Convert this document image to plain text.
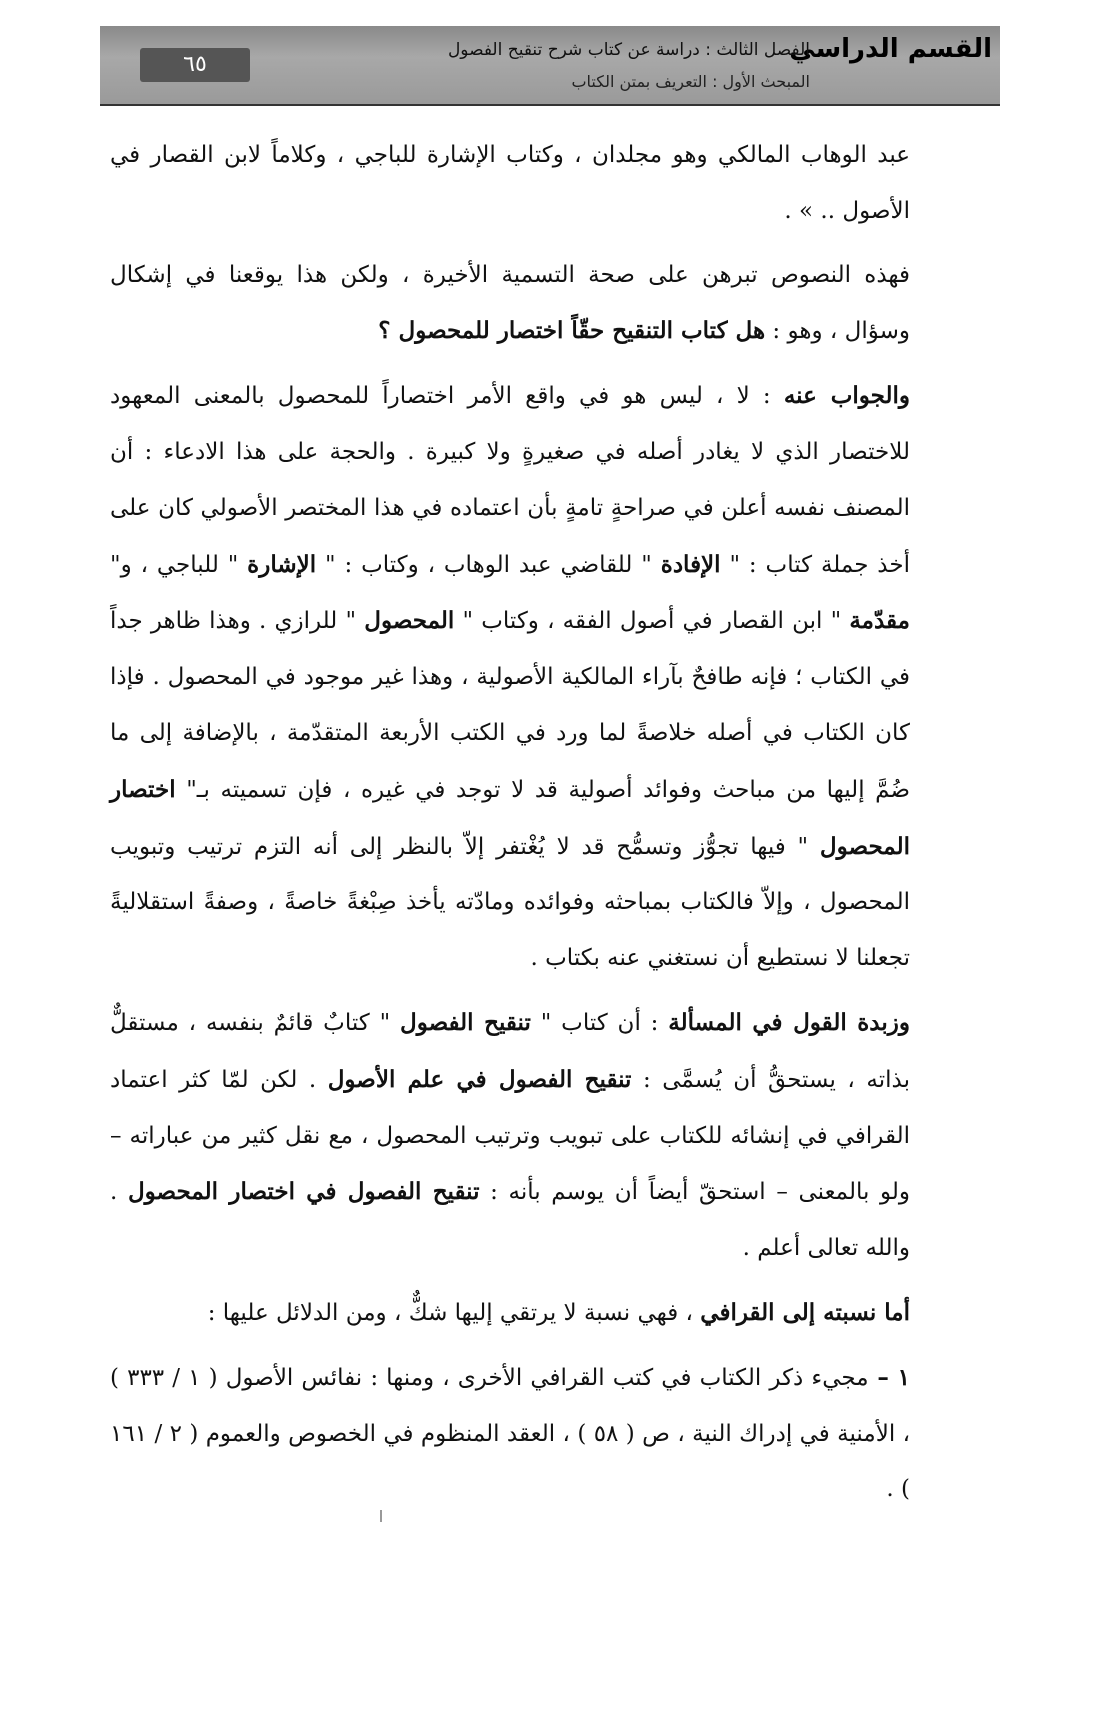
٦٥
القسم الدراسي
الفصل الثالث : دراسة عن كتاب شرح تنقيح الفصول
المبحث الأول : التعريف بمتن الكتاب

عبد الوهاب المالكي وهو مجلدان ، وكتاب الإشارة للباجي ، وكلاماً لابن القصار في الأصول .. » .

فهذه النصوص تبرهن على صحة التسمية الأخيرة ، ولكن هذا يوقعنا في إشكال وسؤال ، وهو : هل كتاب التنقيح حقّاً اختصار للمحصول ؟

والجواب عنه : لا ، ليس هو في واقع الأمر اختصاراً للمحصول بالمعنى المعهود للاختصار الذي لا يغادر أصله في صغيرةٍ ولا كبيرة . والحجة على هذا الادعاء : أن المصنف نفسه أعلن في صراحةٍ تامةٍ بأن اعتماده في هذا المختصر الأصولي كان على أخذ جملة كتاب : " الإفادة " للقاضي عبد الوهاب ، وكتاب : " الإشارة " للباجي ، و" مقدّمة " ابن القصار في أصول الفقه ، وكتاب " المحصول " للرازي . وهذا ظاهر جداً في الكتاب ؛ فإنه طافحٌ بآراء المالكية الأصولية ، وهذا غير موجود في المحصول . فإذا كان الكتاب في أصله خلاصةً لما ورد في الكتب الأربعة المتقدّمة ، بالإضافة إلى ما ضُمَّ إليها من مباحث وفوائد أصولية قد لا توجد في غيره ، فإن تسميته بـ" اختصار المحصول " فيها تجوُّز وتسمُّح قد لا يُغْتفر إلاّ بالنظر إلى أنه التزم ترتيب وتبويب المحصول ، وإلاّ فالكتاب بمباحثه وفوائده ومادّته يأخذ صِبْغةً خاصةً ، وصفةً استقلاليةً تجعلنا لا نستطيع أن نستغني عنه بكتاب .

وزبدة القول في المسألة : أن كتاب " تنقيح الفصول " كتابٌ قائمٌ بنفسه ، مستقلٌّ بذاته ، يستحقُّ أن يُسمَّى : تنقيح الفصول في علم الأصول . لكن لمّا كثر اعتماد القرافي في إنشائه للكتاب على تبويب وترتيب المحصول ، مع نقل كثير من عباراته – ولو بالمعنى – استحقّ أيضاً أن يوسم بأنه : تنقيح الفصول في اختصار المحصول . والله تعالى أعلم .

أما نسبته إلى القرافي ، فهي نسبة لا يرتقي إليها شكٌّ ، ومن الدلائل عليها :

١ – مجيء ذكر الكتاب في كتب القرافي الأخرى ، ومنها : نفائس الأصول ( ١ / ٣٣٣ ) ، الأمنية في إدراك النية ، ص ( ٥٨ ) ، العقد المنظوم في الخصوص والعموم ( ٢ / ١٦١ ) .
